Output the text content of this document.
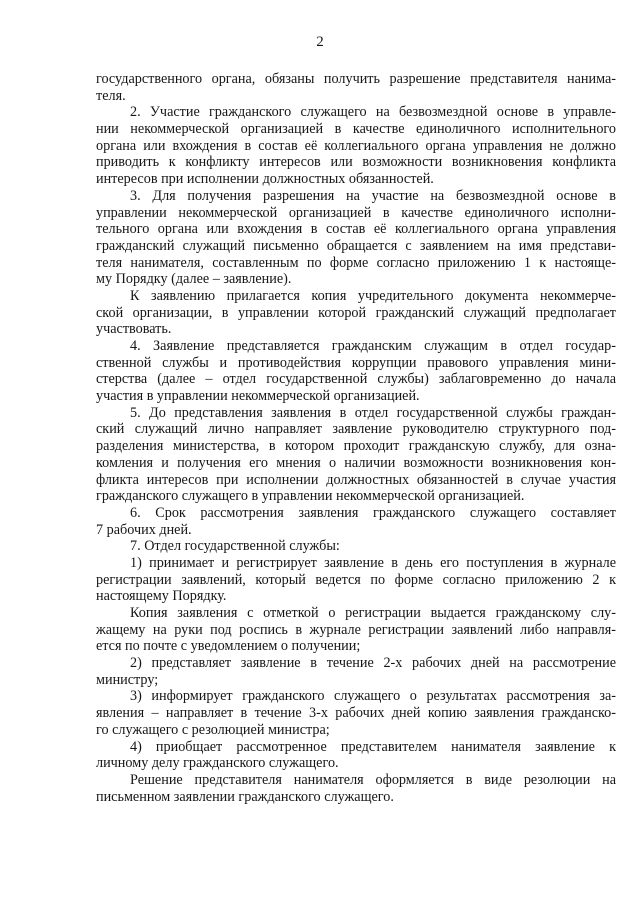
2
государственного органа, обязаны получить разрешение представителя нанима-
теля.
2. Участие гражданского служащего на безвозмездной основе в управле-
нии некоммерческой организацией в качестве единоличного исполнительного
органа или вхождения в состав её коллегиального органа управления не должно
приводить к конфликту интересов или возможности возникновения конфликта
интересов при исполнении должностных обязанностей.
3. Для получения разрешения на участие на безвозмездной основе в
управлении некоммерческой организацией в качестве единоличного исполни-
тельного органа или вхождения в состав её коллегиального органа управления
гражданский служащий письменно обращается с заявлением на имя представи-
теля нанимателя, составленным по форме согласно приложению 1 к настояще-
му Порядку (далее – заявление).
К заявлению прилагается копия учредительного документа некоммерче-
ской организации, в управлении которой гражданский служащий предполагает
участвовать.
4. Заявление представляется гражданским служащим в отдел государ-
ственной службы и противодействия коррупции правового управления мини-
стерства (далее – отдел государственной службы) заблаговременно до начала
участия в управлении некоммерческой организацией.
5. До представления заявления в отдел государственной службы граждан-
ский служащий лично направляет заявление руководителю структурного под-
разделения министерства, в котором проходит гражданскую службу, для озна-
комления и получения его мнения о наличии возможности возникновения кон-
фликта интересов при исполнении должностных обязанностей в случае участия
гражданского служащего в управлении некоммерческой организацией.
6. Срок рассмотрения заявления гражданского служащего составляет
7 рабочих дней.
7. Отдел государственной службы:
1) принимает и регистрирует заявление в день его поступления в журнале
регистрации заявлений, который ведется по форме согласно приложению 2 к
настоящему Порядку.
Копия заявления с отметкой о регистрации выдается гражданскому слу-
жащему на руки под роспись в журнале регистрации заявлений либо направля-
ется по почте с уведомлением о получении;
2) представляет заявление в течение 2-х рабочих дней на рассмотрение
министру;
3) информирует гражданского служащего о результатах рассмотрения за-
явления – направляет в течение 3-х рабочих дней копию заявления гражданско-
го служащего с резолюцией министра;
4) приобщает рассмотренное представителем нанимателя заявление к
личному делу гражданского служащего.
Решение представителя нанимателя оформляется в виде резолюции на
письменном заявлении гражданского служащего.
